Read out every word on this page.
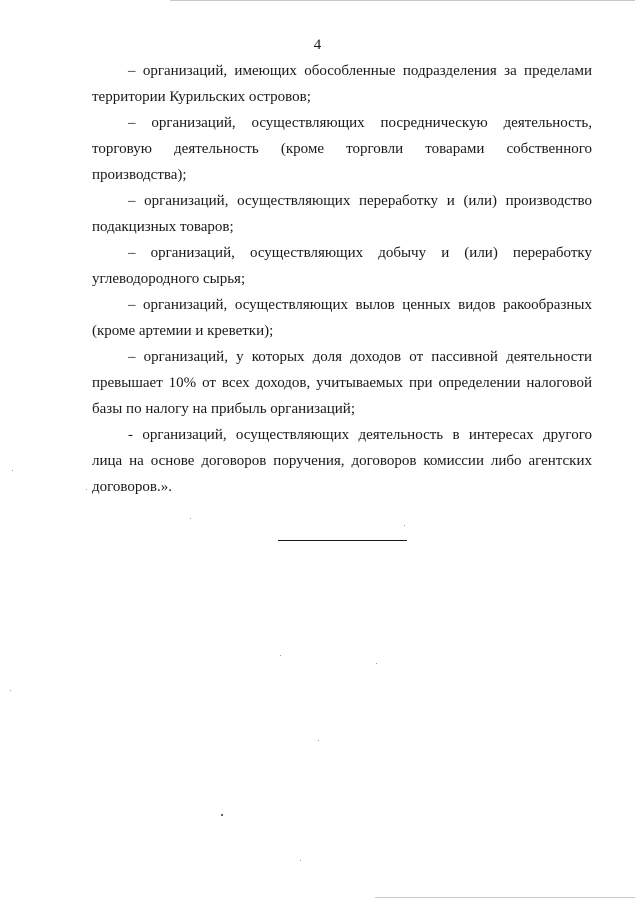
4

– организаций, имеющих обособленные подразделения за пределами территории Курильских островов;

– организаций, осуществляющих посредническую деятельность, торговую деятельность (кроме торговли товарами собственного производства);

– организаций, осуществляющих переработку и (или) производство подакцизных товаров;

– организаций, осуществляющих добычу и (или) переработку углеводородного сырья;

– организаций, осуществляющих вылов ценных видов ракообразных (кроме артемии и креветки);

– организаций, у которых доля доходов от пассивной деятельности превышает 10% от всех доходов, учитываемых при определении налоговой базы по налогу на прибыль организаций;

- организаций, осуществляющих деятельность в интересах другого лица на основе договоров поручения, договоров комиссии либо агентских договоров.».
